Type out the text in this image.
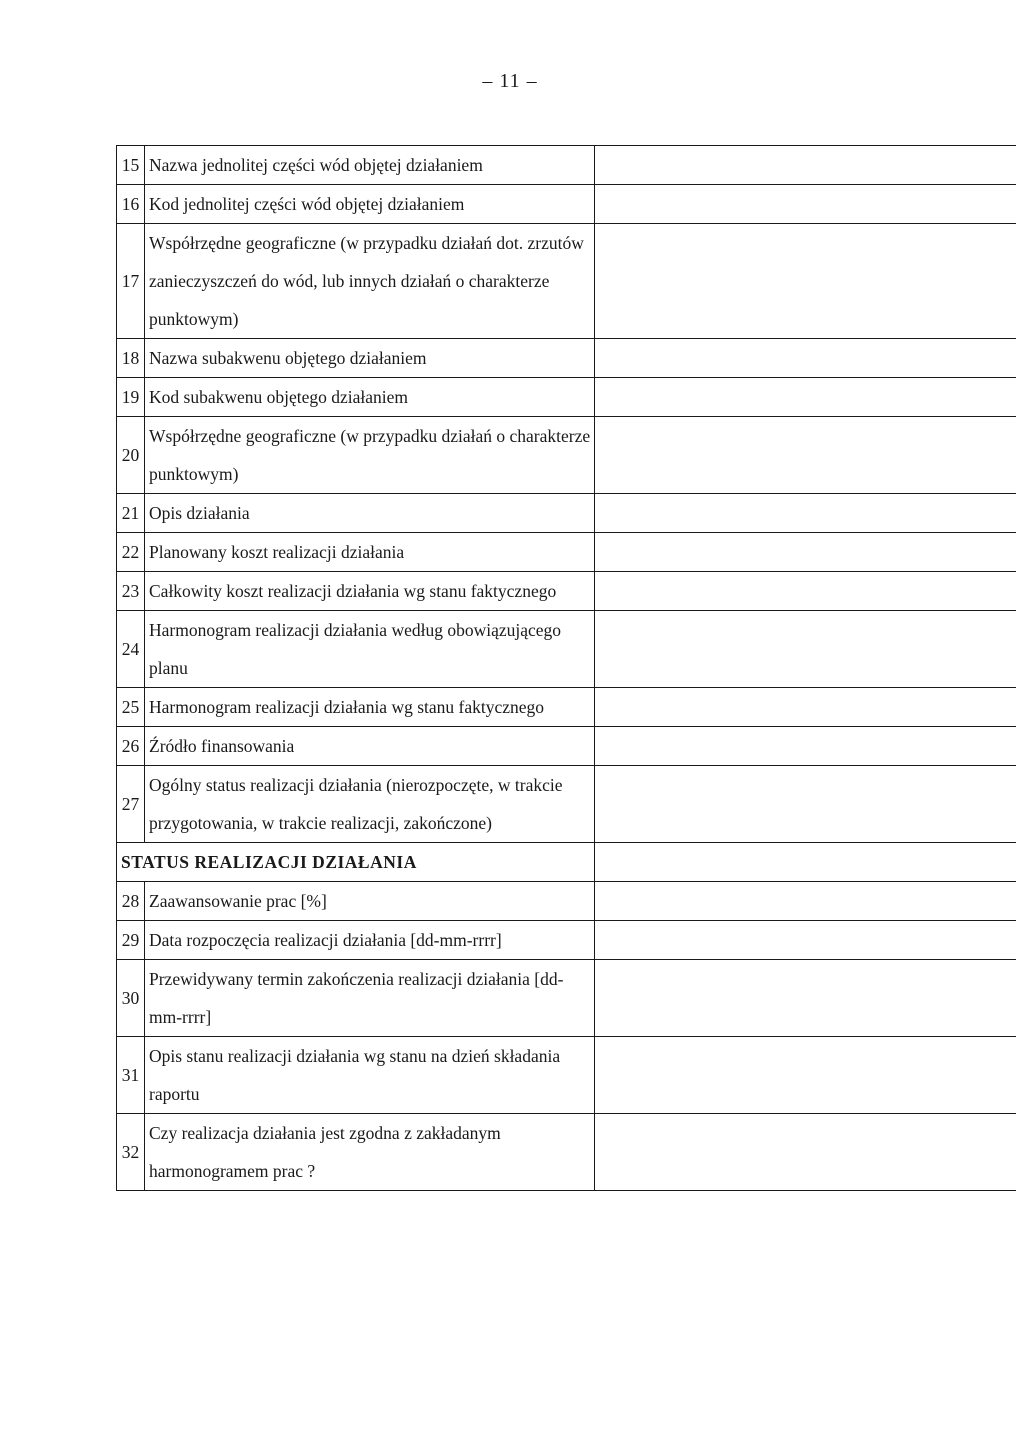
– 11 –
15	Nazwa jednolitej części wód objętej działaniem	
16	Kod jednolitej części wód objętej działaniem	
17	Współrzędne geograficzne (w przypadku działań dot. zrzutów zanieczyszczeń do wód, lub innych działań o charakterze punktowym)	
18	Nazwa subakwenu objętego działaniem	
19	Kod subakwenu objętego działaniem	
20	Współrzędne geograficzne (w przypadku działań o charakterze punktowym)	
21	Opis działania	
22	Planowany koszt realizacji działania	
23	Całkowity koszt realizacji działania wg stanu faktycznego	
24	Harmonogram realizacji działania według obowiązującego planu	
25	Harmonogram realizacji działania wg stanu faktycznego	
26	Źródło finansowania	
27	Ogólny status realizacji działania (nierozpoczęte, w trakcie przygotowania, w trakcie realizacji, zakończone)	
STATUS REALIZACJI DZIAŁANIA		
28	Zaawansowanie prac [%]	
29	Data rozpoczęcia realizacji działania [dd-mm-rrrr]	
30	Przewidywany termin zakończenia realizacji działania [dd-mm-rrrr]	
31	Opis stanu realizacji działania wg stanu na dzień składania raportu	
32	Czy realizacja działania jest zgodna z zakładanym harmonogramem prac ?	
